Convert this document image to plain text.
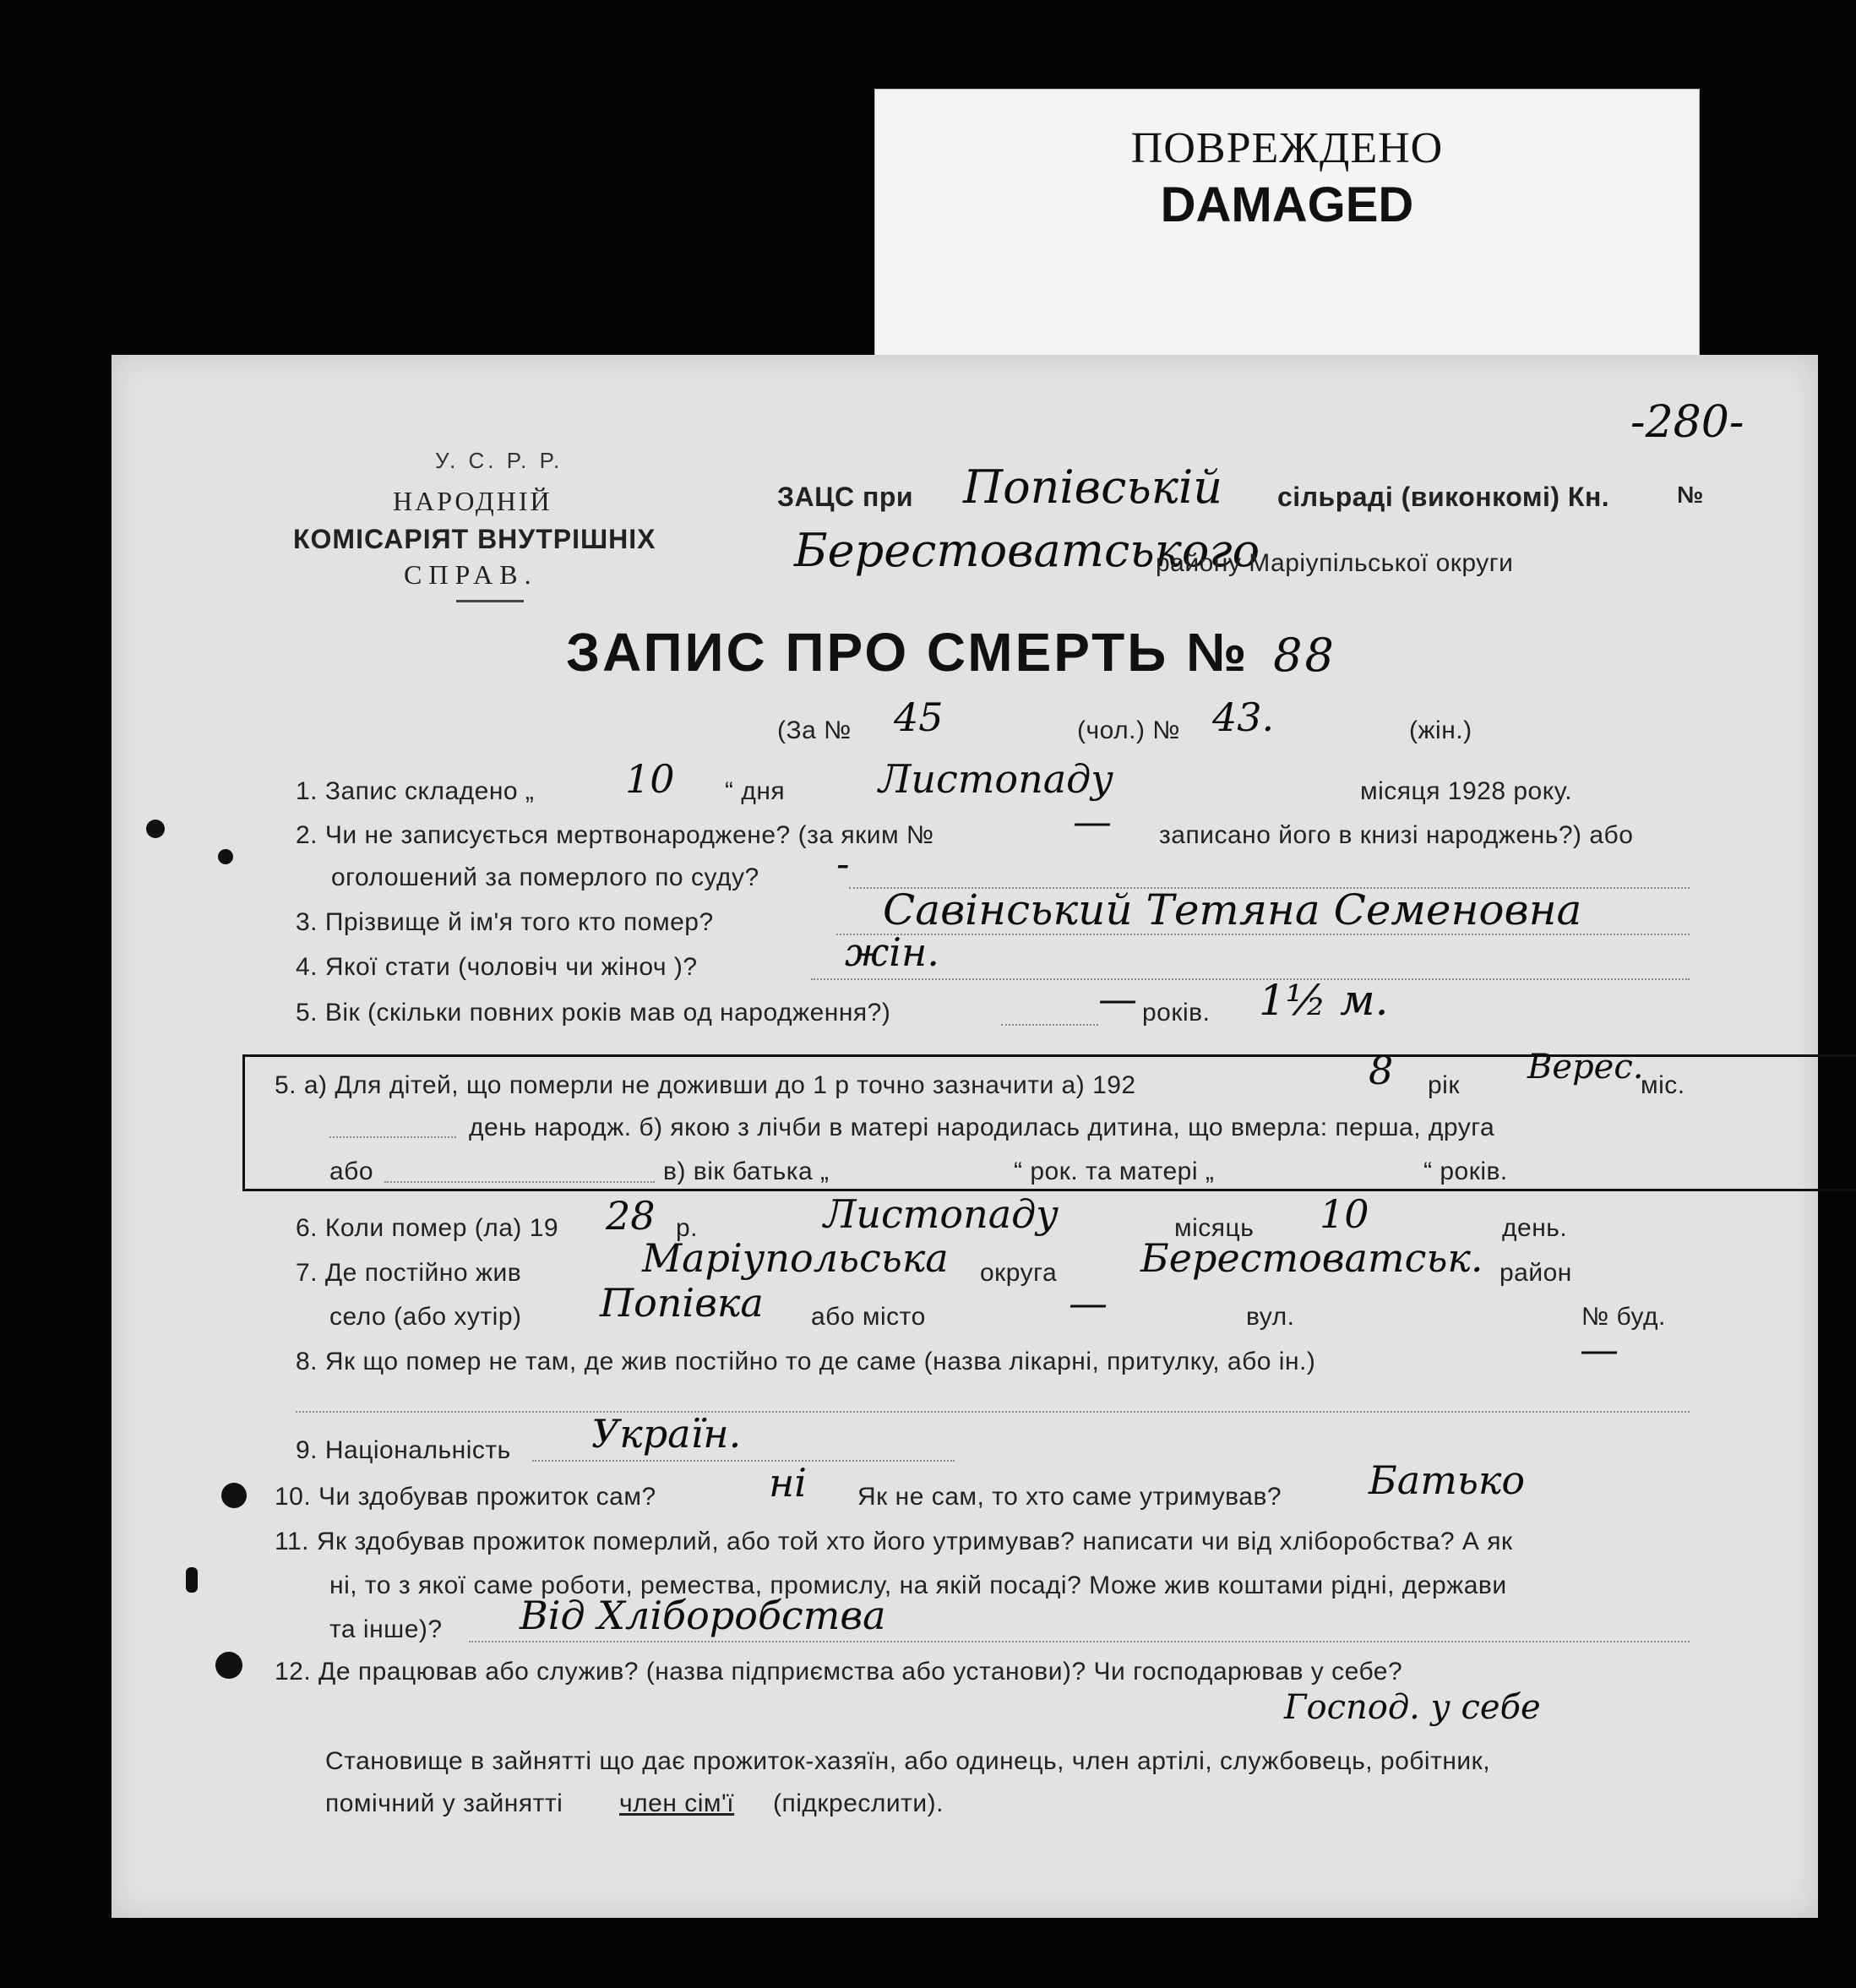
ПОВРЕЖДЕНО
DAMAGED
-280-
У. С. Р. Р.
НАРОДНІЙ
КОМІСАРІЯТ ВНУТРІШНІХ
СПРАВ.
ЗАЦС при Попівській сільраді (виконкомі) Кн.	№
Берестоватського
району Маріупільської округи
ЗАПИС ПРО СМЕРТЬ № 88
(За № 45	(чол.) № 43.	(жін.)
1. Запис складено „ 10 “ дня Листопаду	місяця 1928 року.
2. Чи не записується мертвонароджене? (за яким №	— записано його в книзі народжень?) або
оголошений за померлого по суду? -
3. Прізвище й ім'я того кто помер?	Савінський Тетяна Семеновна
4. Якої стати (чоловіч чи жіноч )?	жін.
5. Вік (скільки повних років мав од народження?)	— років. 1½ м.
5. а) Для дітей, що померли не доживши до 1 р точно зазначити а) 192	8 рік Верес.
міс.
день народж. б) якою з лічби в матері народилась дитина, що вмерла: перша, друга
або	в) вік батька „	“ рок. та матері „	“ років.
6. Коли помер (ла) 19 28 р.	Листопаду	місяць 10	день.
7. Де постійно жив	Маріупольська округа Берестоватськ. район
село (або хутір) Попівка або місто	—	вул.	№ буд.
8. Як що помер не там, де жив постійно то де саме (назва лікарні, притулку, або ін.)	—
9. Національність Україн.
10. Чи здобував прожиток сам?	ні Як не сам, то хто саме утримував? Батько
11. Як здобував прожиток померлий, або той хто його утримував? написати чи від хліборобства? А як
ні, то з якої саме роботи, ремества, промислу, на якій посаді? Може жив коштами рідні, держави
та інше)? Від Хліборобства
12. Де працював або служив? (назва підприємства або установи)? Чи господарював у себе?
Господ. у себе
Становище в зайнятті що дає прожиток-хазяїн, або одинець, член артілі, службовець, робітник,
помічний у зайнятті член сім'ї (підкреслити).
